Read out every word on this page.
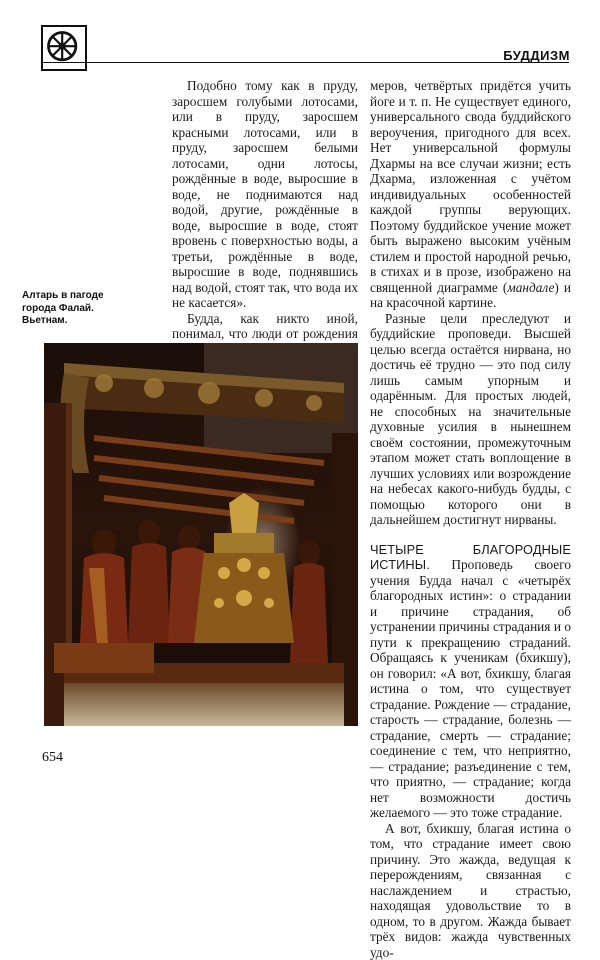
БУДДИЗМ

Подобно тому как в пруду, заросшем голубыми лотосами, или в пруду, заросшем красными лотосами, или в пруду, заросшем белыми лотосами, одни лотосы, рождённые в воде, выросшие в воде, не поднимаются над водой, другие, рождённые в воде, выросшие в воде, стоят вровень с поверхностью воды, а третьи, рождённые в воде, выросшие в воде, поднявшись над водой, стоят так, что вода их не касается».

Будда, как никто иной, понимал, что люди от рождения

Алтарь в пагоде
города Фалай.
Вьетнам.

меров, четвёртых придётся учить йоге и т. п. Не существует единого, универсального свода буддийского вероучения, пригодного для всех. Нет универсальной формулы Дхармы на все случаи жизни; есть Дхарма, изложенная с учётом индивидуальных особенностей каждой группы верующих. Поэтому буддийское учение может быть выражено высоким учёным стилем и простой народной речью, в стихах и в прозе, изображено на священной диаграмме (мандале) и на красочной картине.

Разные цели преследуют и буддийские проповеди. Высшей целью всегда остаётся нирвана, но достичь её трудно — это под силу лишь самым упорным и одарённым. Для простых людей, не способных на значительные духовные усилия в нынешнем своём состоянии, промежуточным этапом может стать воплощение в лучших условиях или возрождение на небесах какого-нибудь будды, с помощью которого они в дальнейшем достигнут нирваны.

ЧЕТЫРЕ БЛАГОРОДНЫЕ ИСТИНЫ. Проповедь своего учения Будда начал с «четырёх благородных истин»: о страдании и причине страдания, об устранении причины страдания и о пути к прекращению страданий. Обращаясь к ученикам (бхикшу), он говорил: «А вот, бхикшу, благая истина о том, что существует страдание. Рождение — страдание, старость — страдание, болезнь — страдание, смерть — страдание; соединение с тем, что неприятно, — страдание; разъединение с тем, что приятно, — страдание; когда нет возможности достичь желаемого — это тоже страдание.

А вот, бхикшу, благая истина о том, что страдание имеет свою причину. Это жажда, ведущая к перерождениям, связанная с наслаждением и страстью, находящая удовольствие то в одном, то в другом. Жажда бывает трёх видов: жажда чувственных удо-

654
